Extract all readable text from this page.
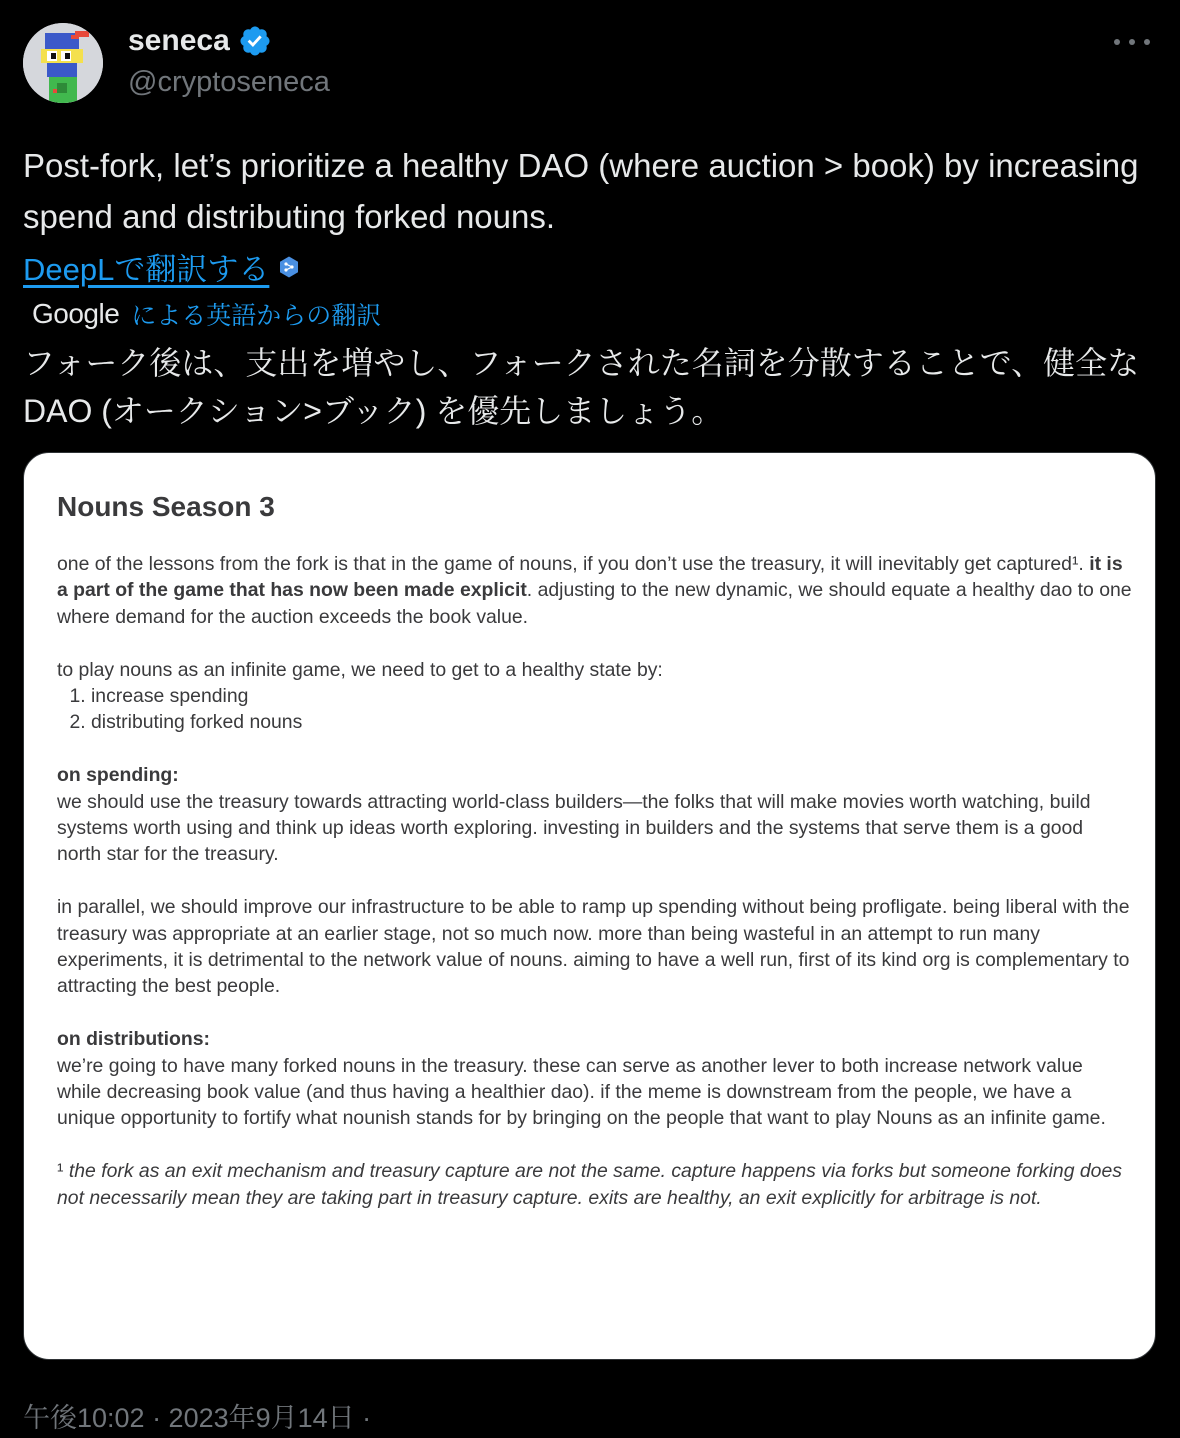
seneca
@cryptoseneca
Post-fork, let’s prioritize a healthy DAO (where auction > book) by increasing spend and distributing forked nouns.
DeepLで翻訳する
Google による英語からの翻訳
フォーク後は、支出を増やし、フォークされた名詞を分散することで、健全な DAO (オークション>ブック) を優先しましょう。
Nouns Season 3

one of the lessons from the fork is that in the game of nouns, if you don’t use the treasury, it will inevitably get captured¹. it is a part of the game that has now been made explicit. adjusting to the new dynamic, we should equate a healthy dao to one where demand for the auction exceeds the book value.

to play nouns as an infinite game, we need to get to a healthy state by:

1. increase spending
2. distributing forked nouns

on spending:
we should use the treasury towards attracting world-class builders—the folks that will make movies worth watching, build systems worth using and think up ideas worth exploring. investing in builders and the systems that serve them is a good north star for the treasury.

in parallel, we should improve our infrastructure to be able to ramp up spending without being profligate. being liberal with the treasury was appropriate at an earlier stage, not so much now. more than being wasteful in an attempt to run many experiments, it is detrimental to the network value of nouns. aiming to have a well run, first of its kind org is complementary to attracting the best people.

on distributions:
we’re going to have many forked nouns in the treasury. these can serve as another lever to both increase network value while decreasing book value (and thus having a healthier dao). if the meme is downstream from the people, we have a unique opportunity to fortify what nounish stands for by bringing on the people that want to play Nouns as an infinite game.

¹ the fork as an exit mechanism and treasury capture are not the same. capture happens via forks but someone forking does not necessarily mean they are taking part in treasury capture. exits are healthy, an exit explicitly for arbitrage is not.

午後10:02 · 2023年9月14日 ·
